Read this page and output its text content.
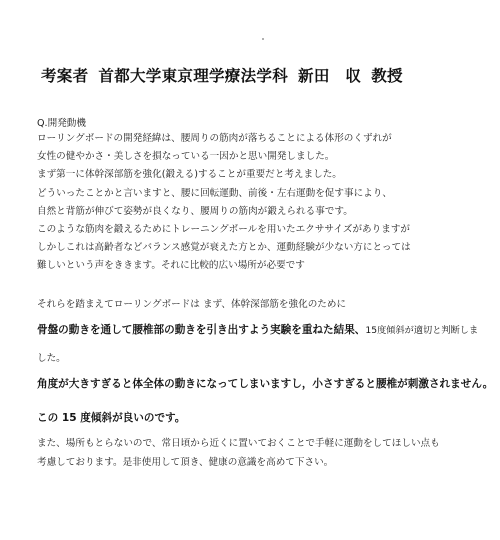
考案者 首都大学東京理学療法学科 新田　収 教授

Q.開発動機

ローリングボードの開発経緯は、腰周りの筋肉が落ちることによる体形のくずれが
女性の健やかさ・美しさを損なっている一因かと思い開発しました。
まず第一に体幹深部筋を強化(鍛える)することが重要だと考えました。
どういったことかと言いますと、腰に回転運動、前後・左右運動を促す事により、
自然と背筋が伸びて姿勢が良くなり、腰周りの筋肉が鍛えられる事です。
このような筋肉を鍛えるためにトレーニングボールを用いたエクササイズがありますが
しかしこれは高齢者などバランス感覚が衰えた方とか、運動経験が少ない方にとっては
難しいという声をききます。それに比較的広い場所が必要です

それらを踏まえてローリングボードは まず、体幹深部筋を強化のために

骨盤の動きを通して腰椎部の動きを引き出すよう実験を重ねた結果、15度傾斜が適切と判断しま

した。

角度が大きすぎると体全体の動きになってしまいますし，小さすぎると腰椎が刺激されません。

この 15 度傾斜が良いのです。

また、場所もとらないので、常日頃から近くに置いておくことで手軽に運動をしてほしい点も
考慮しております。是非使用して頂き、健康の意識を高めて下さい。
